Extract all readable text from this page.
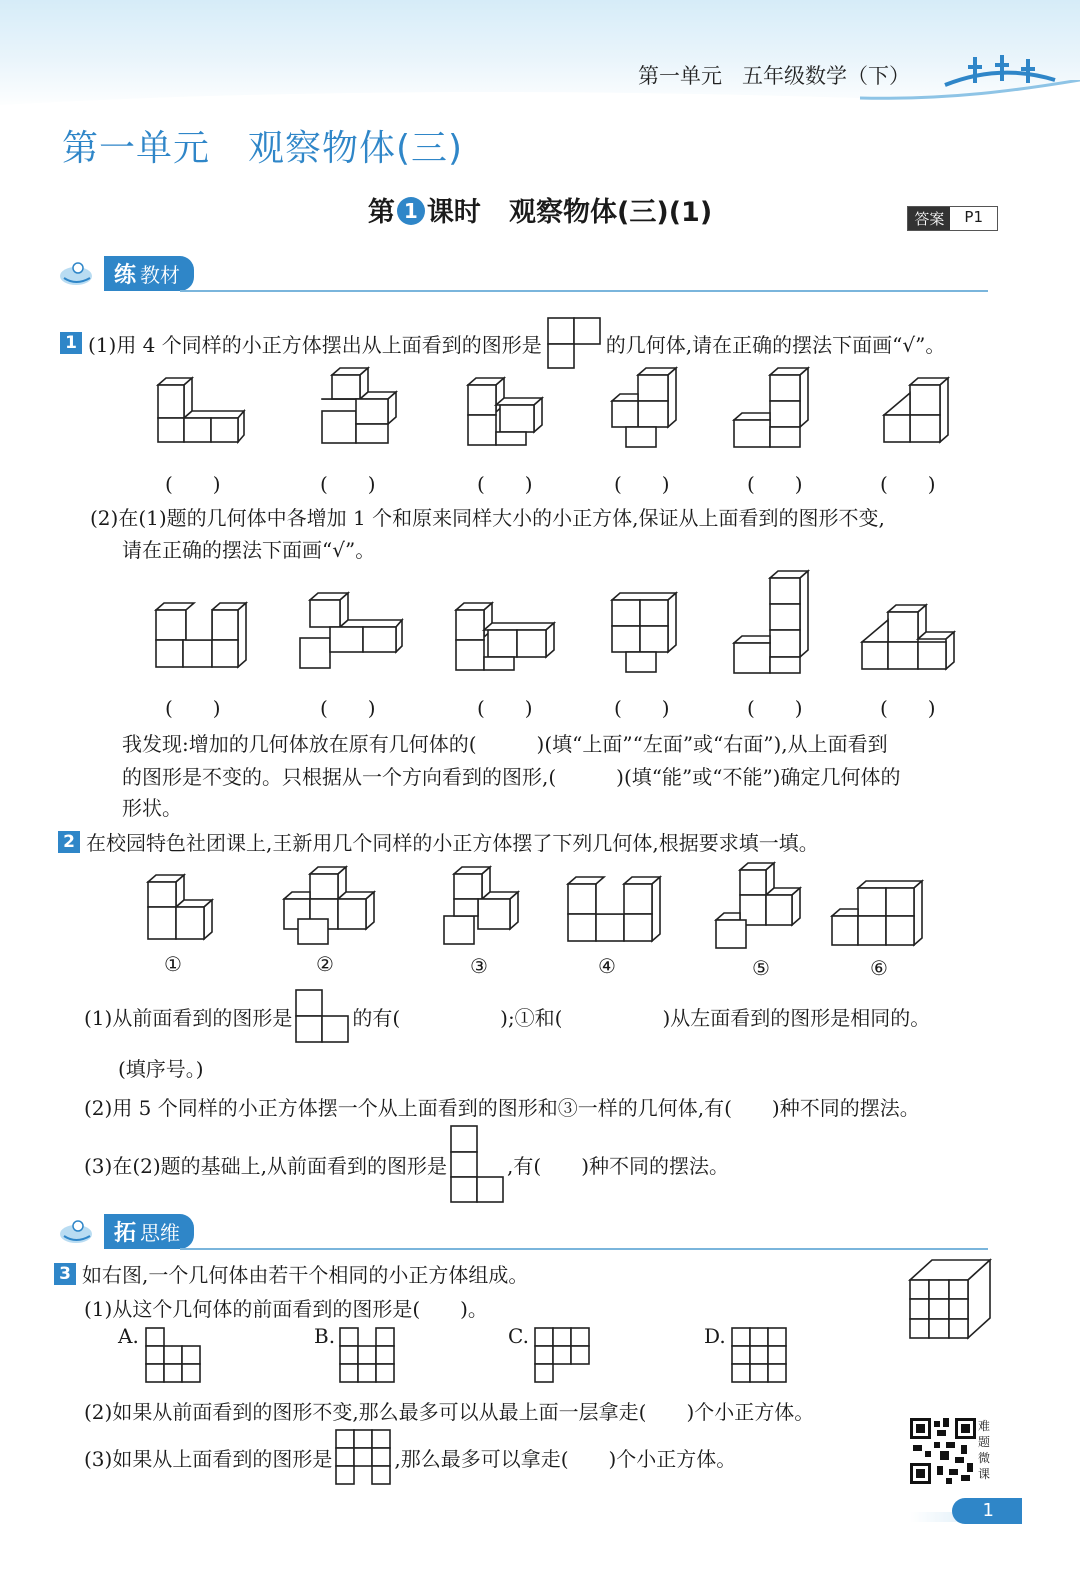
第一单元 五年级数学（下）
第一单元 观察物体(三)
第 1 课时 观察物体(三)(1)	答案	P1
练 教材
1 (1)用 4 个同样的小正方体摆出从上面看到的图形是	的几何体,请在正确的摆法下面画“√”。
(　　)	(　　)	(　　)	(　　)	(　　)	(　　)
(2)在(1)题的几何体中各增加 1 个和原来同样大小的小正方体,保证从上面看到的图形不变,
请在正确的摆法下面画“√”。
(　　)	(　　)	(　　)	(　　)	(　　)	(　　)
我发现:增加的几何体放在原有几何体的(　　　)(填“上面”“左面”或“右面”),从上面看到
的图形是不变的。只根据从一个方向看到的图形,(　　　)(填“能”或“不能”)确定几何体的
形状。
2 在校园特色社团课上,王新用几个同样的小正方体摆了下列几何体,根据要求填一填。
①	②	③	④	⑤	⑥
(1)从前面看到的图形是	的有(　　　　　);①和(　　　　　)从左面看到的图形是相同的。
(填序号。)
(2)用 5 个同样的小正方体摆一个从上面看到的图形和③一样的几何体,有(　　)种不同的摆法。
(3)在(2)题的基础上,从前面看到的图形是	,有(　　)种不同的摆法。
拓 思维
3 如右图,一个几何体由若干个相同的小正方体组成。
(1)从这个几何体的前面看到的图形是(　　)。
A.	B.	C.	D.
(2)如果从前面看到的图形不变,那么最多可以从最上面一层拿走(　　)个小正方体。
(3)如果从上面看到的图形是	,那么最多可以拿走(　　)个小正方体。
难题微课
1
